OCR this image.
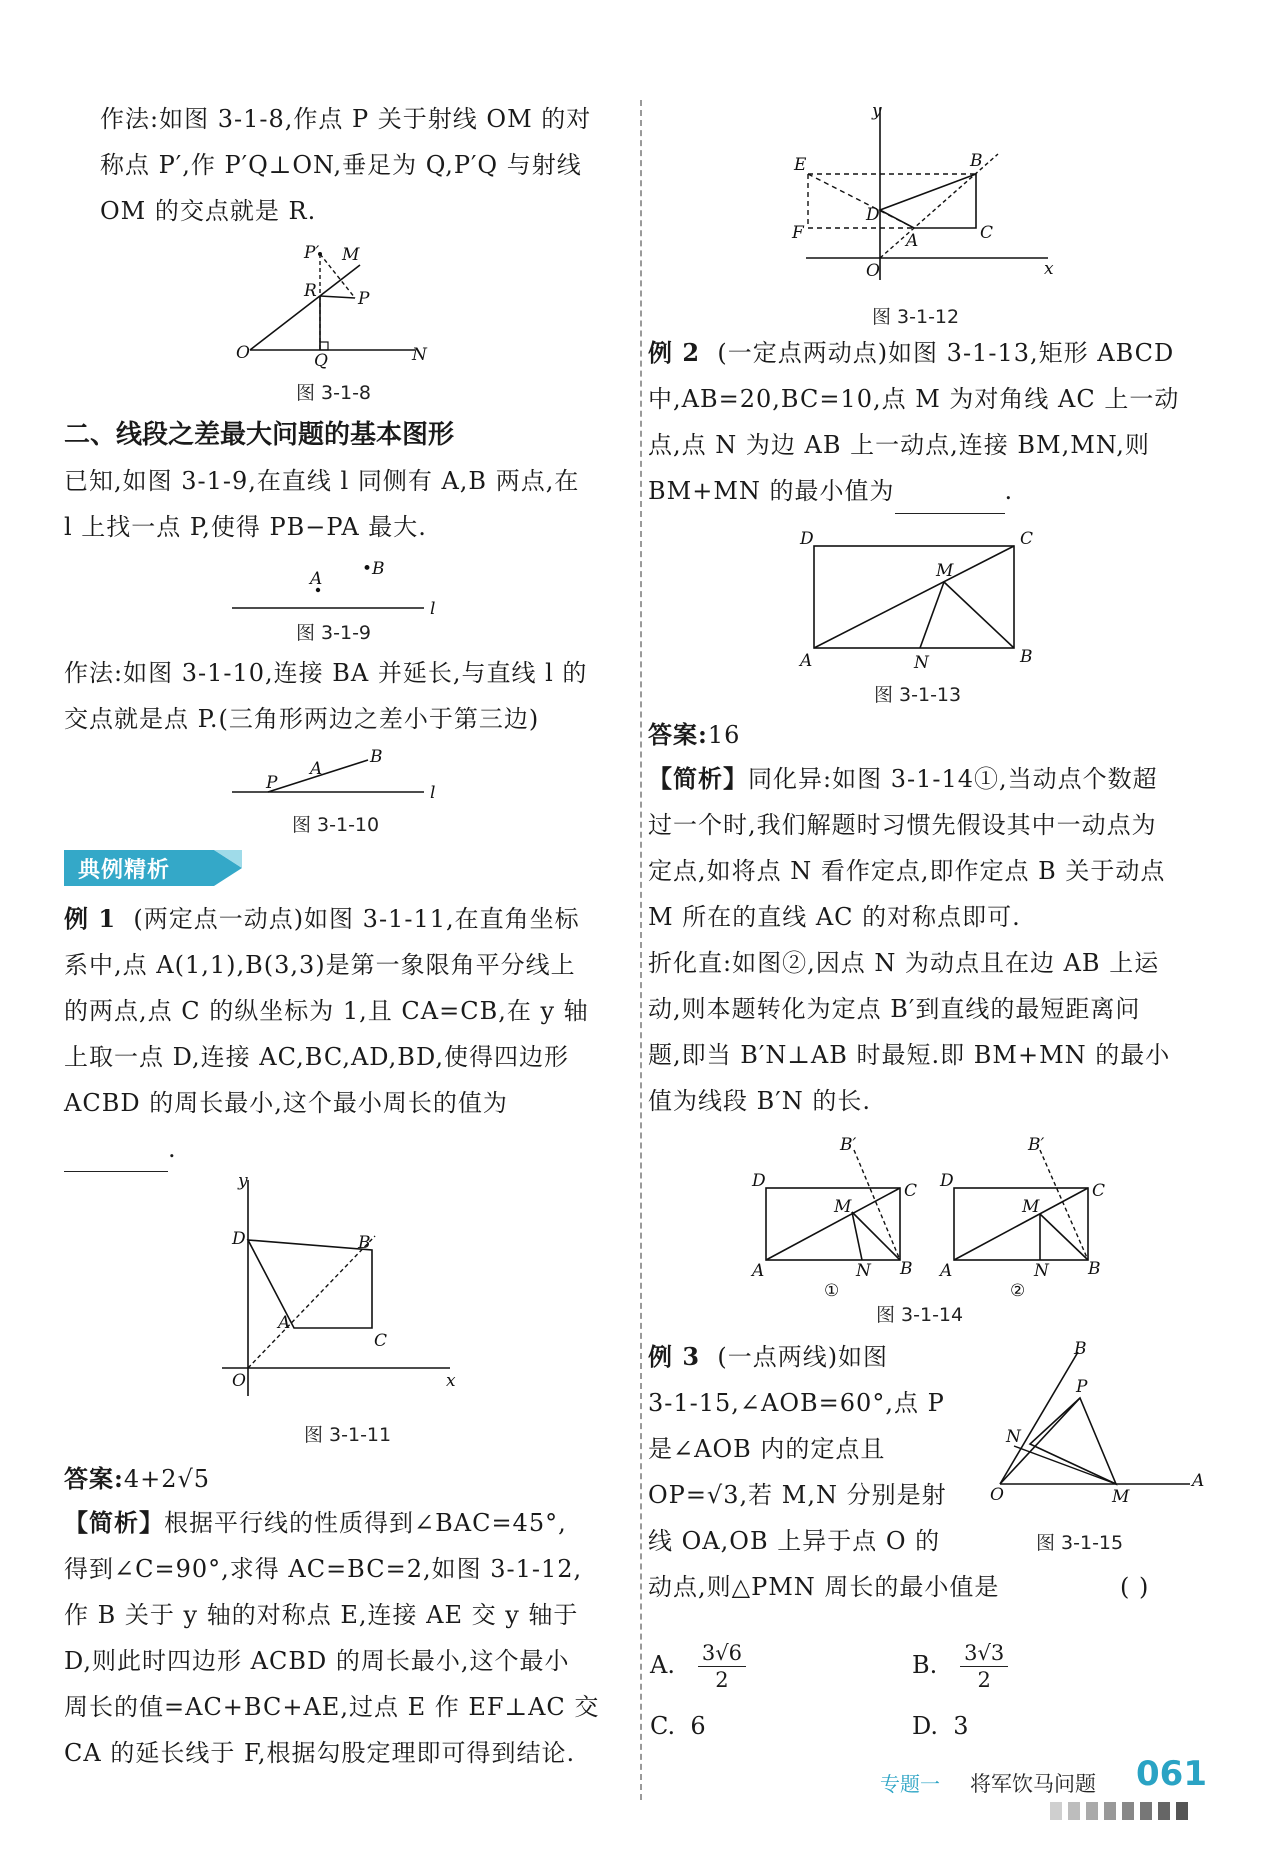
作法:如图 3-1-8,作点 P 关于射线 OM 的对
称点 P′,作 P′Q⊥ON,垂足为 Q,P′Q 与射线
OM 的交点就是 R.
P′ M
R P
O	Q	N
图 3-1-8
二、线段之差最大问题的基本图形
已知,如图 3-1-9,在直线 l 同侧有 A,B 两点,在
l 上找一点 P,使得 PB−PA 最大.
A •B
l
图 3-1-9
作法:如图 3-1-10,连接 BA 并延长,与直线 l 的
交点就是点 P.(三角形两边之差小于第三边)
P
A
B
l
图 3-1-10
典例精析
例 1 (两定点一动点)如图 3-1-11,在直角坐标
系中,点 A(1,1),B(3,3)是第一象限角平分线上
的两点,点 C 的纵坐标为 1,且 CA=CB,在 y 轴
上取一点 D,连接 AC,BC,AD,BD,使得四边形
ACBD 的周长最小,这个最小周长的值为
.
y
D	B
A
C
O	x
图 3-1-11
答案:4+2√5
【简析】根据平行线的性质得到∠BAC=45°,
得到∠C=90°,求得 AC=BC=2,如图 3-1-12,
作 B 关于 y 轴的对称点 E,连接 AE 交 y 轴于
D,则此时四边形 ACBD 的周长最小,这个最小
周长的值=AC+BC+AE,过点 E 作 EF⊥AC 交
CA 的延长线于 F,根据勾股定理即可得到结论.
y
E	B
D
F	A	C
O	x
图 3-1-12
例 2 (一定点两动点)如图 3-1-13,矩形 ABCD
中,AB=20,BC=10,点 M 为对角线 AC 上一动
点,点 N 为边 AB 上一动点,连接 BM,MN,则
BM+MN 的最小值为	.
D	C
M
A	N	B
图 3-1-13
答案:16
【简析】同化异:如图 3-1-14①,当动点个数超
过一个时,我们解题时习惯先假设其中一动点为
定点,如将点 N 看作定点,即作定点 B 关于动点
M 所在的直线 AC 的对称点即可.
折化直:如图②,因点 N 为动点且在边 AB 上运
动,则本题转化为定点 B′到直线的最短距离问
题,即当 B′N⊥AB 时最短.即 BM+MN 的最小
值为线段 B′N 的长.
B′
D	C
M
A	N B
①
B′
D	C
M
A	N B
②
图 3-1-14
例 3 (一点两线)如图
3-1-15,∠AOB=60°,点 P
是∠AOB 内的定点且
OP=√3,若 M,N 分别是射
线 OA,OB 上异于点 O 的
动点,则△PMN 周长的最小值是	( )
B
P
N
O	M
A
图 3-1-15
A. $\frac{3√6}{2}$	B. $\frac{3√3}{2}$
C. 6	D. 3
专题一 将军饮马问题 061
